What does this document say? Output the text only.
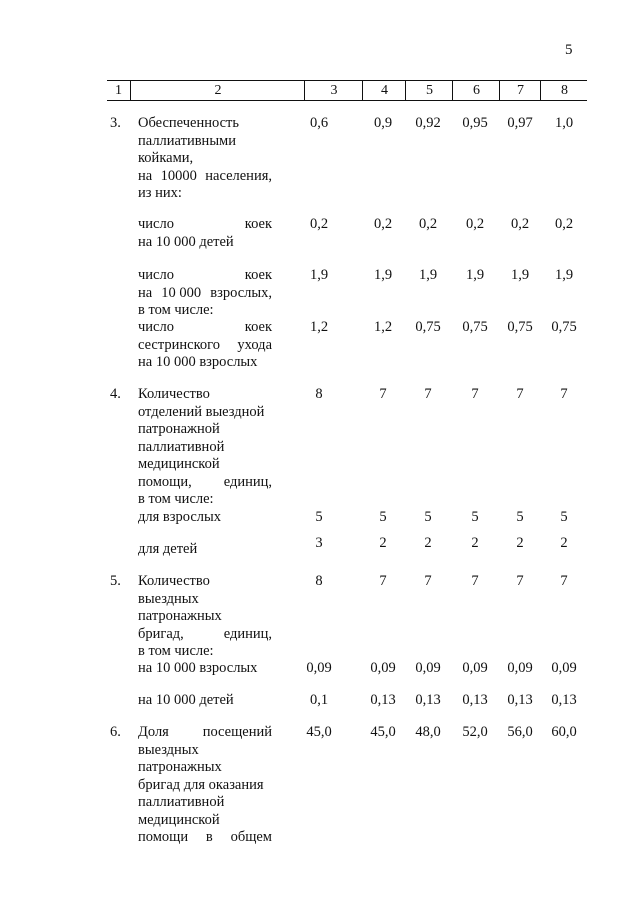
5
1	2	3	4	5	6	7	8
3. Обеспеченность
паллиативными
койками,
на 10000 населения,
из них:
0,6	0,9	0,92	0,95	0,97	1,0
число	коек
на 10 000 детей
0,2	0,2	0,2	0,2	0,2	0,2
число	коек
на 10 000 взрослых,
в том числе:
1,9	1,9	1,9	1,9	1,9	1,9
число	коек
сестринского ухода
на 10 000 взрослых
1,2	1,2	0,75	0,75	0,75	0,75
4. Количество
отделений выездной
патронажной
паллиативной
медицинской
помощи, единиц,
в том числе:
8	7	7	7	7	7
для взрослых	5	5	5	5	5	5
для детей	3	2	2	2	2	2
5. Количество
выездных
патронажных
бригад,	единиц,
в том числе:
8	7	7	7	7	7
на 10 000 взрослых	0,09	0,09	0,09	0,09	0,09	0,09
на 10 000 детей	0,1	0,13	0,13	0,13	0,13	0,13
6. Доля посещений
выездных
патронажных
бригад для оказания
паллиативной
медицинской
помощи в общем
45,0	45,0	48,0	52,0	56,0	60,0
